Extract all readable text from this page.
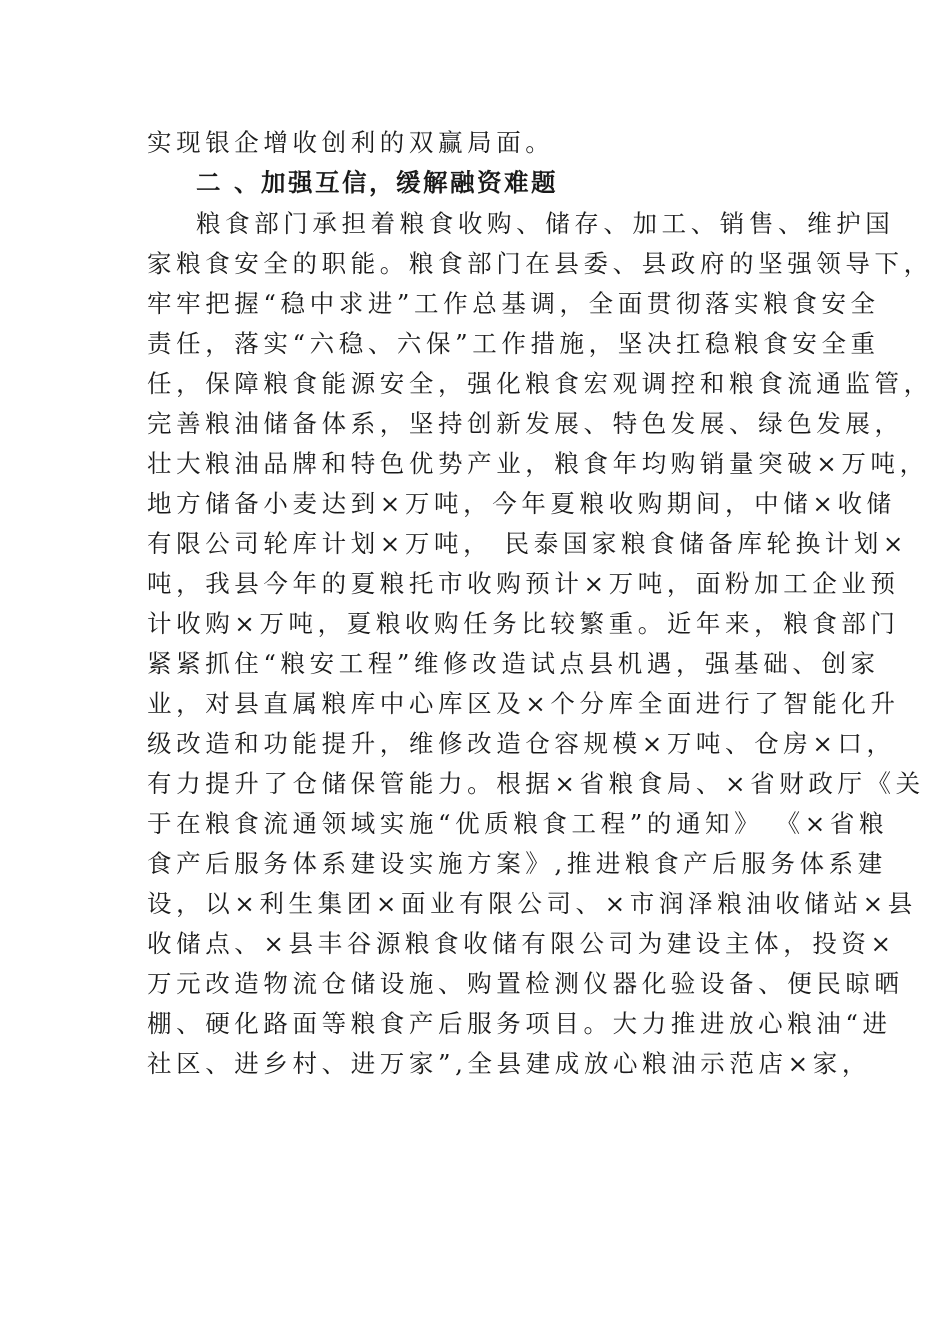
实现银企增收创利的双赢局面。
二 、加强互信，缓解融资难题
粮食部门承担着粮食收购、储存、加工、销售、维护国
家粮食安全的职能。粮食部门在县委、县政府的坚强领导下，
牢牢把握“稳中求进”工作总基调，全面贯彻落实粮食安全
责任，落实“六稳、六保”工作措施，坚决扛稳粮食安全重
任，保障粮食能源安全，强化粮食宏观调控和粮食流通监管，
完善粮油储备体系，坚持创新发展、特色发展、绿色发展，
壮大粮油品牌和特色优势产业，粮食年均购销量突破×万吨，
地方储备小麦达到×万吨，今年夏粮收购期间，中储×收储
有限公司轮库计划×万吨， 民泰国家粮食储备库轮换计划×
吨，我县今年的夏粮托市收购预计×万吨，面粉加工企业预
计收购×万吨，夏粮收购任务比较繁重。近年来，粮食部门
紧紧抓住“粮安工程”维修改造试点县机遇，强基础、创家
业，对县直属粮库中心库区及×个分库全面进行了智能化升
级改造和功能提升，维修改造仓容规模×万吨、仓房×口，
有力提升了仓储保管能力。根据×省粮食局、×省财政厅《关
于在粮食流通领域实施“优质粮食工程”的通知》 《×省粮
食产后服务体系建设实施方案》,推进粮食产后服务体系建
设，以×利生集团×面业有限公司、×市润泽粮油收储站×县
收储点、×县丰谷源粮食收储有限公司为建设主体，投资×
万元改造物流仓储设施、购置检测仪器化验设备、便民晾晒
棚、硬化路面等粮食产后服务项目。大力推进放心粮油“进
社区、进乡村、进万家”,全县建成放心粮油示范店×家，
